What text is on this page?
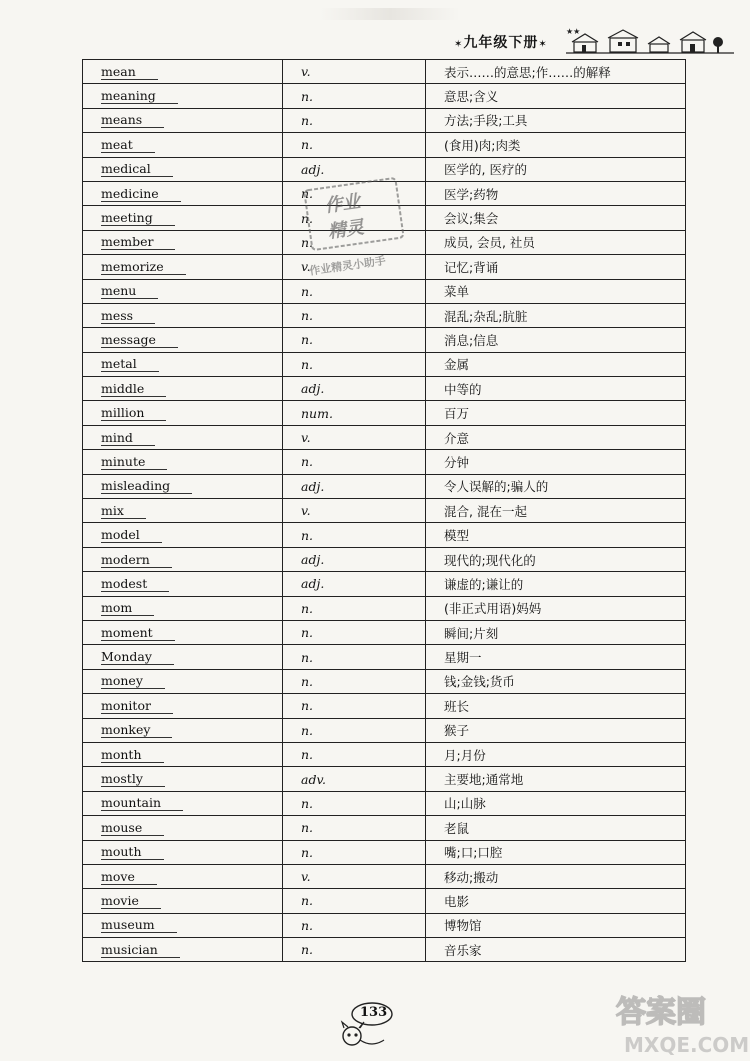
✶九年级下册✶
★★
mean	v.	表示……的意思;作……的解释
meaning	n.	意思;含义
means	n.	方法;手段;工具
meat	n.	(食用)肉;肉类
medical	adj.	医学的, 医疗的
medicine	n.	医学;药物
meeting	n.	会议;集会
member	n.	成员, 会员, 社员
memorize	v.	记忆;背诵
menu	n.	菜单
mess	n.	混乱;杂乱;肮脏
message	n.	消息;信息
metal	n.	金属
middle	adj.	中等的
million	num.	百万
mind	v.	介意
minute	n.	分钟
misleading	adj.	令人误解的;骗人的
mix	v.	混合, 混在一起
model	n.	模型
modern	adj.	现代的;现代化的
modest	adj.	谦虚的;谦让的
mom	n.	(非正式用语)妈妈
moment	n.	瞬间;片刻
Monday	n.	星期一
money	n.	钱;金钱;货币
monitor	n.	班长
monkey	n.	猴子
month	n.	月;月份
mostly	adv.	主要地;通常地
mountain	n.	山;山脉
mouse	n.	老鼠
mouth	n.	嘴;口;口腔
move	v.	移动;搬动
movie	n.	电影
museum	n.	博物馆
musician	n.	音乐家
作业
精灵
作业精灵小助手
133	答案圈
MXQE.COM
